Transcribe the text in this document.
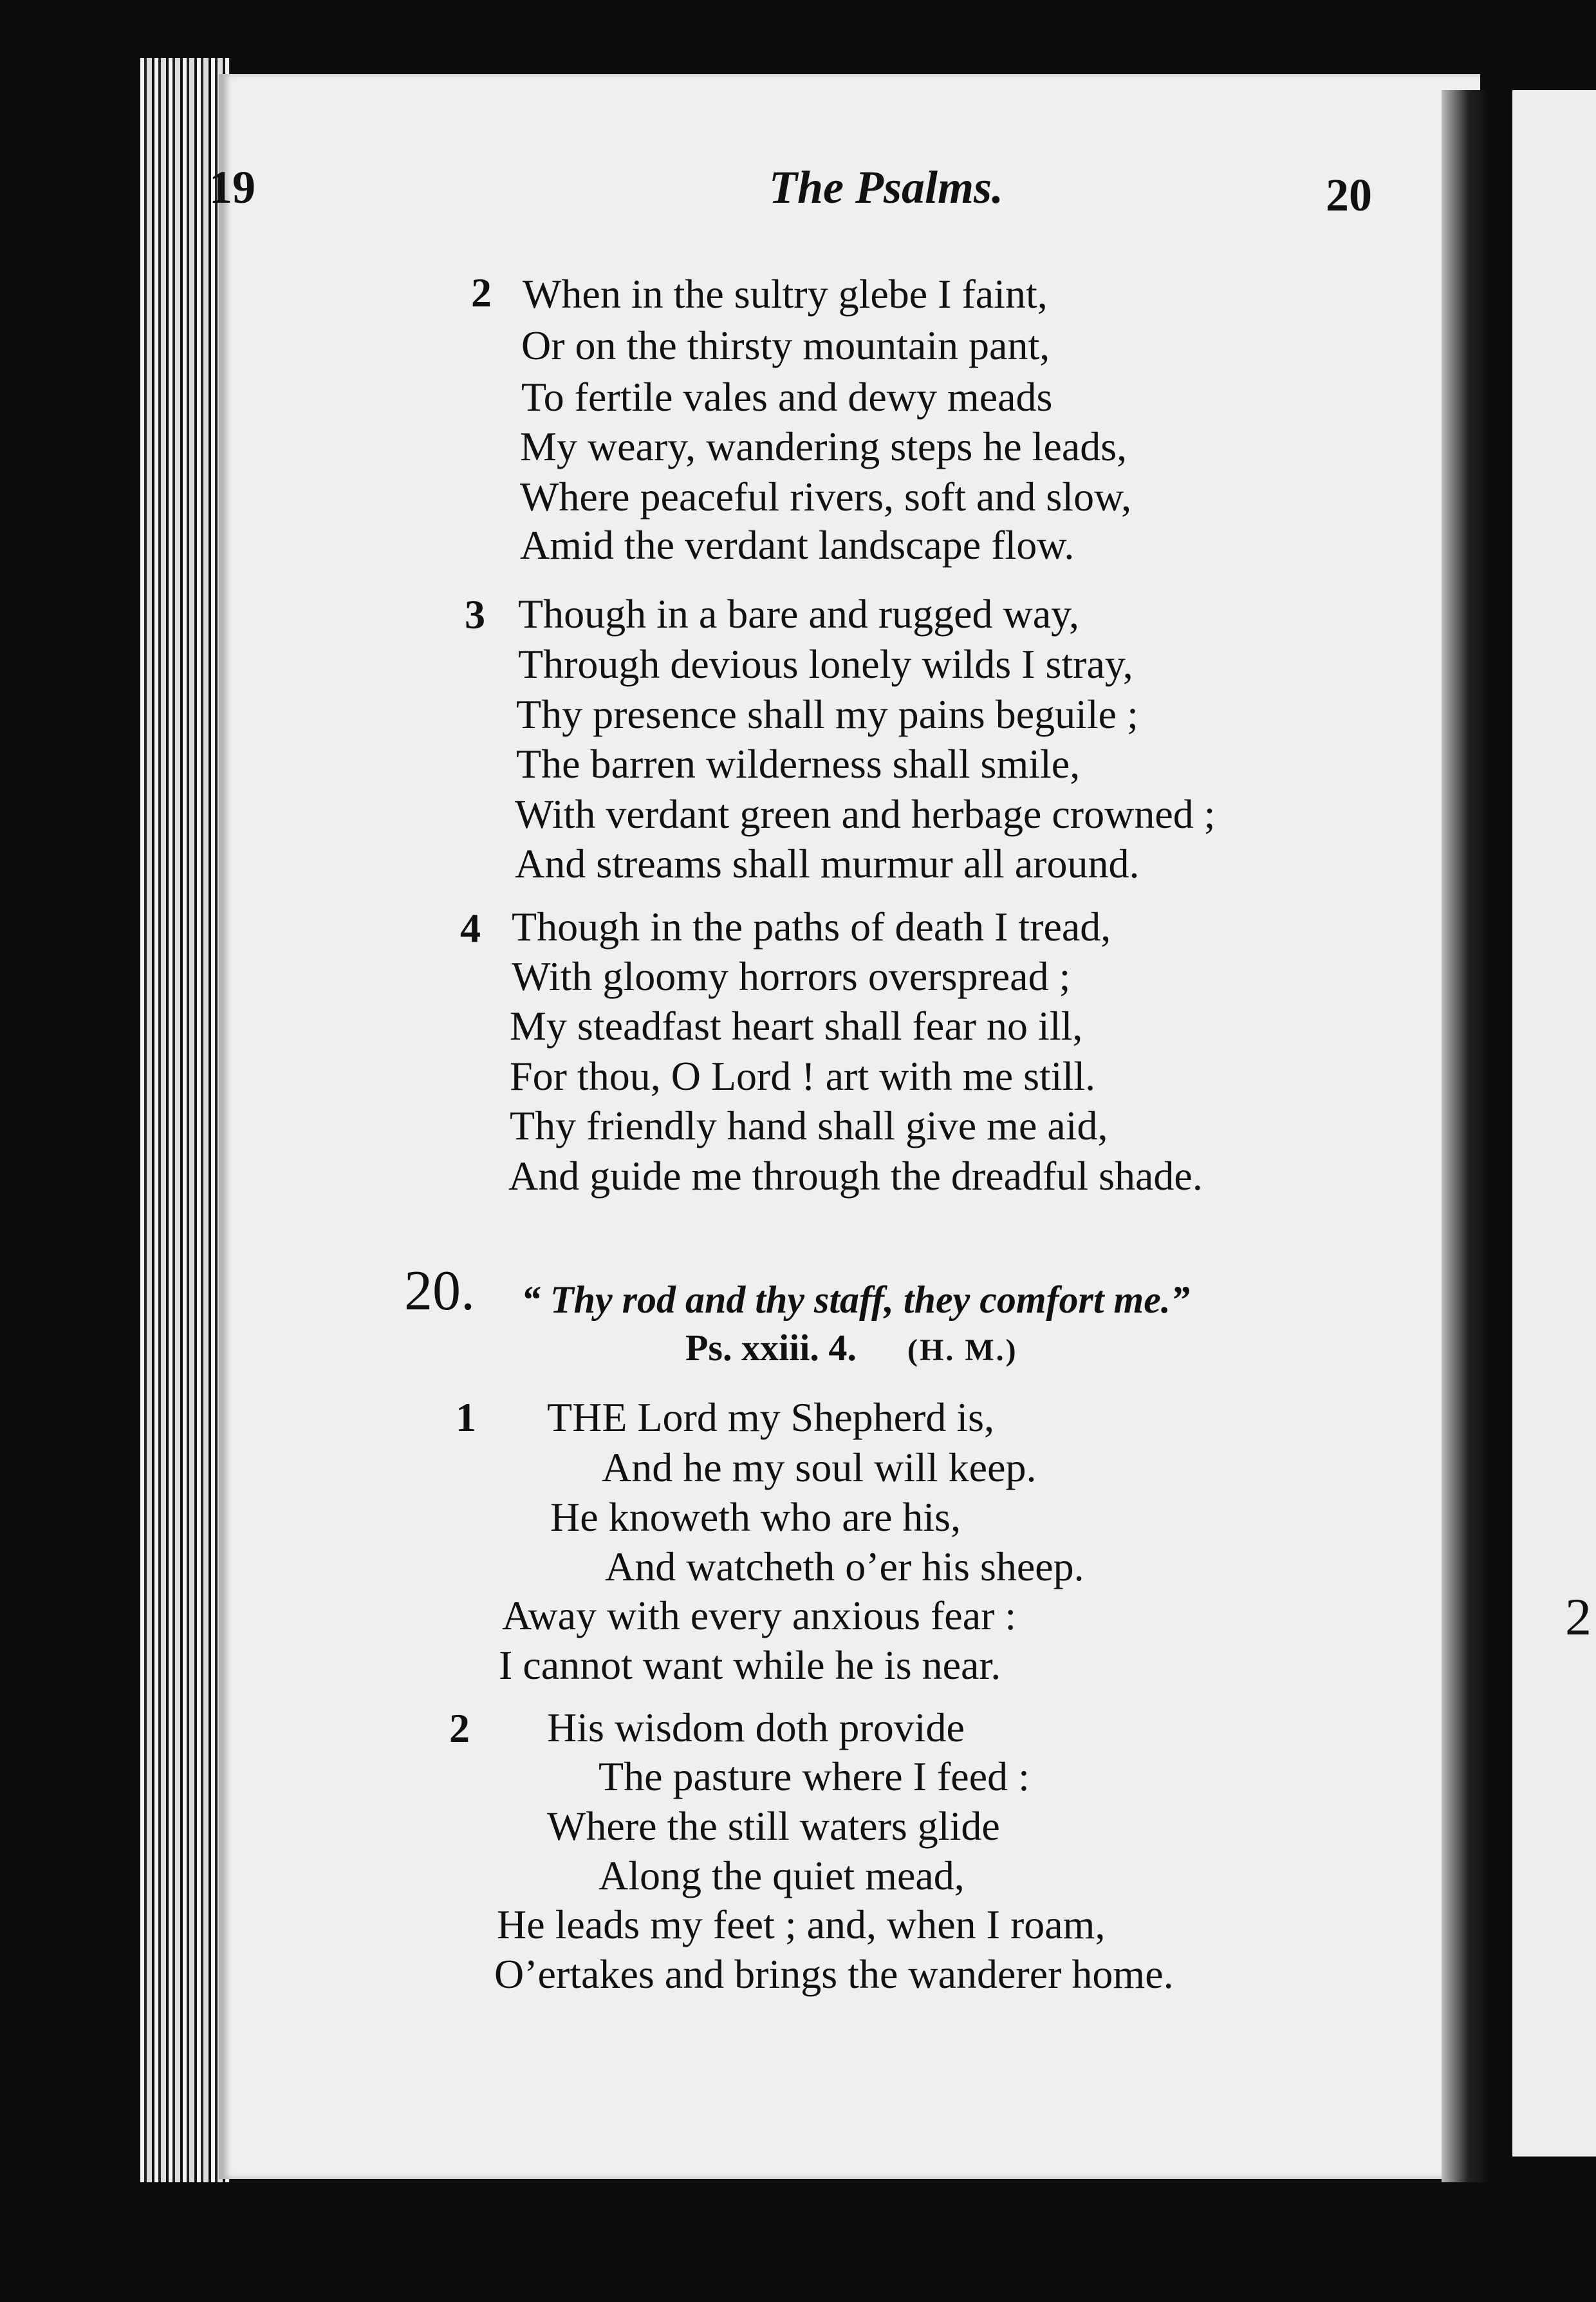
2
19	The Psalms.	20
2 When in the sultry glebe I faint,
Or on the thirsty mountain pant,
To fertile vales and dewy meads
My weary, wandering steps he leads,
Where peaceful rivers, soft and slow,
Amid the verdant landscape flow.
3 Though in a bare and rugged way,
Through devious lonely wilds I stray,
Thy presence shall my pains beguile ;
The barren wilderness shall smile,
With verdant green and herbage crowned ;
And streams shall murmur all around.
4 Though in the paths of death I tread,
With gloomy horrors overspread ;
My steadfast heart shall fear no ill,
For thou, O Lord ! art with me still.
Thy friendly hand shall give me aid,
And guide me through the dreadful shade.
20. “ Thy rod and thy staff, they comfort me.”
Ps. xxiii. 4. (H. M.)
1 THE Lord my Shepherd is,
And he my soul will keep.
He knoweth who are his,
And watcheth o’er his sheep.
Away with every anxious fear :
I cannot want while he is near.
2 His wisdom doth provide
The pasture where I feed :
Where the still waters glide
Along the quiet mead,
He leads my feet ; and, when I roam,
O’ertakes and brings the wanderer home.
